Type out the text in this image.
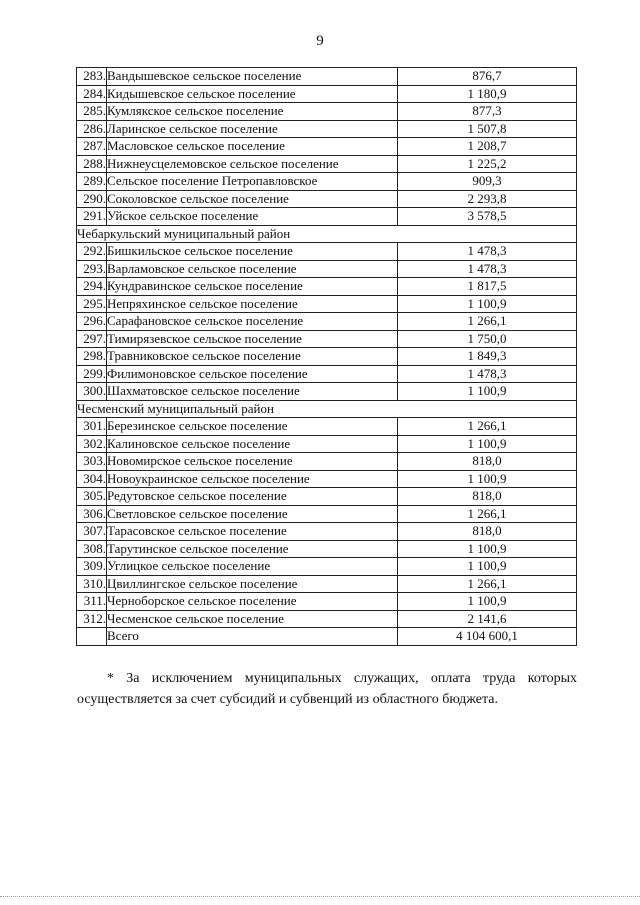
9
283.	Вандышевское сельское поселение	876,7
284.	Кидышевское сельское поселение	1 180,9
285.	Кумлякское сельское поселение	877,3
286.	Ларинское сельское поселение	1 507,8
287.	Масловское сельское поселение	1 208,7
288.	Нижнеусцелемовское сельское поселение	1 225,2
289.	Сельское поселение Петропавловское	909,3
290.	Соколовское сельское поселение	2 293,8
291.	Уйское сельское поселение	3 578,5
Чебаркульский муниципальный район		
292.	Бишкильское сельское поселение	1 478,3
293.	Варламовское сельское поселение	1 478,3
294.	Кундравинское сельское поселение	1 817,5
295.	Непряхинское сельское поселение	1 100,9
296.	Сарафановское сельское поселение	1 266,1
297.	Тимирязевское сельское поселение	1 750,0
298.	Травниковское сельское поселение	1 849,3
299.	Филимоновское сельское поселение	1 478,3
300.	Шахматовское сельское поселение	1 100,9
Чесменский муниципальный район		
301.	Березинское сельское поселение	1 266,1
302.	Калиновское сельское поселение	1 100,9
303.	Новомирское сельское поселение	818,0
304.	Новоукраинское сельское поселение	1 100,9
305.	Редутовское сельское поселение	818,0
306.	Светловское сельское поселение	1 266,1
307.	Тарасовское сельское поселение	818,0
308.	Тарутинское сельское поселение	1 100,9
309.	Углицкое сельское поселение	1 100,9
310.	Цвиллингское сельское поселение	1 266,1
311.	Черноборское сельское поселение	1 100,9
312.	Чесменское сельское поселение	2 141,6
	Всего	4 104 600,1
* За исключением муниципальных служащих, оплата труда которых осуществляется за счет субсидий и субвенций из областного бюджета.
